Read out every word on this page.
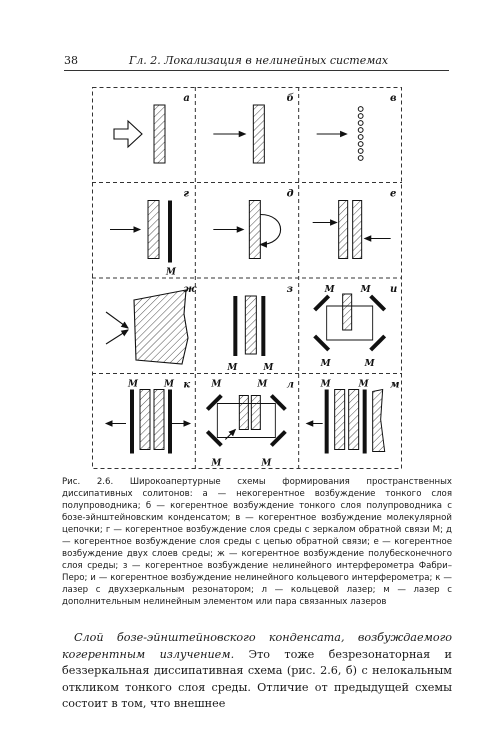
38	Гл. 2. Локализация в нелинейных системах
а	б	в
г	д	е
ж	з	и
к	л	м
M
M	M
M	M
M	M
M	M	M	M
M	M
M	M
Рис. 2.6. Широкоапертурные схемы формирования пространственных диссипативных солитонов: а — некогерентное возбуждение тонкого слоя полупроводника; б — когерентное возбуждение тонкого слоя полупроводника с бозе-эйнштейновским конденсатом; в — когерентное возбуждение молекулярной цепочки; г — когерентное возбуждение слоя среды с зеркалом обратной связи M; д — когерентное возбуждение слоя среды с цепью обратной связи; е — когерентное возбуждение двух слоев среды; ж — когерентное возбуждение полубесконечного слоя среды; з — когерентное возбуждение нелинейного интерферометра Фабри–Перо; и — когерентное возбуждение нелинейного кольцевого интерферометра; к — лазер с двухзеркальным резонатором; л — кольцевой лазер; м — лазер с дополнительным нелинейным элементом или пара связанных лазеров

Слой бозе-эйнштейновского конденсата, возбуждаемого когерентным излучением. Это тоже безрезонаторная и беззеркальная диссипативная схема (рис. 2.6, б) с нелокальным откликом тонкого слоя среды. Отличие от предыдущей схемы состоит в том, что внешнее
